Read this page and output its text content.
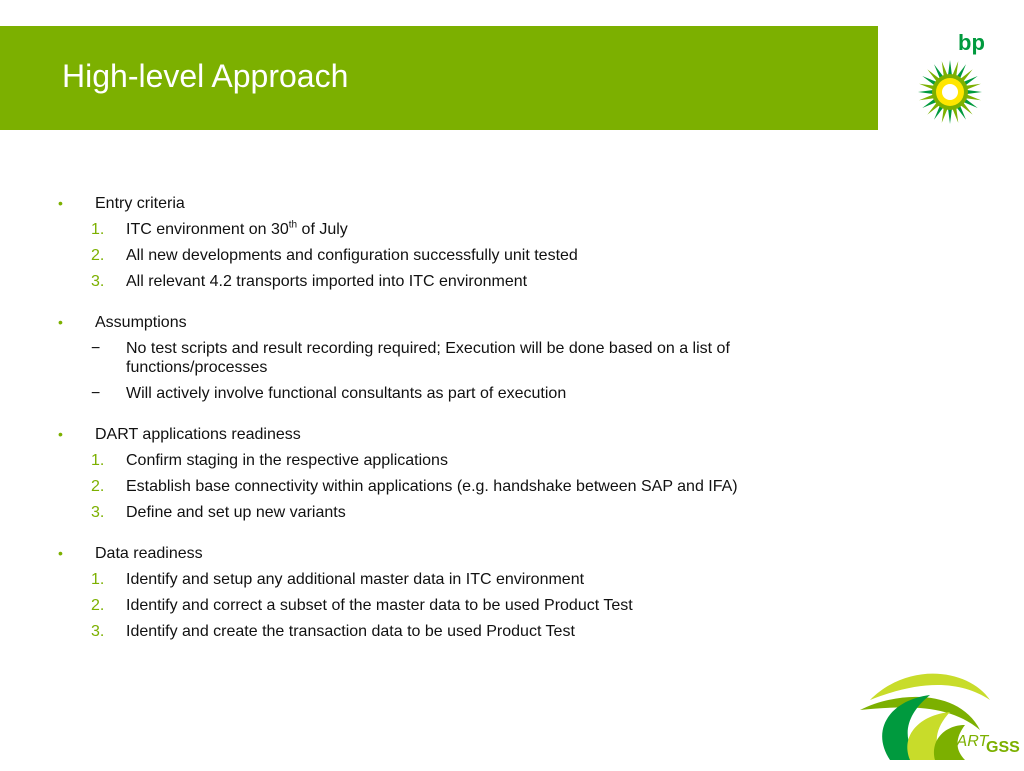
High-level Approach
bp
DART
GSS
•	Entry criteria
1.	ITC environment on 30th of July
2.	All new developments and configuration successfully unit tested
3.	All relevant 4.2 transports imported into ITC environment
•	Assumptions
−	No test scripts and result recording required; Execution will be done based on a list of functions/processes
−	Will actively involve functional consultants as part of execution
•	DART applications readiness
1.	Confirm staging in the respective applications
2.	Establish base connectivity within applications (e.g. handshake between SAP and IFA)
3.	Define and set up new variants
•	Data readiness
1.	Identify and setup any additional master data in ITC environment
2.	Identify and correct a subset of the master data to be used Product Test
3.	Identify and create the transaction data to be used Product Test
